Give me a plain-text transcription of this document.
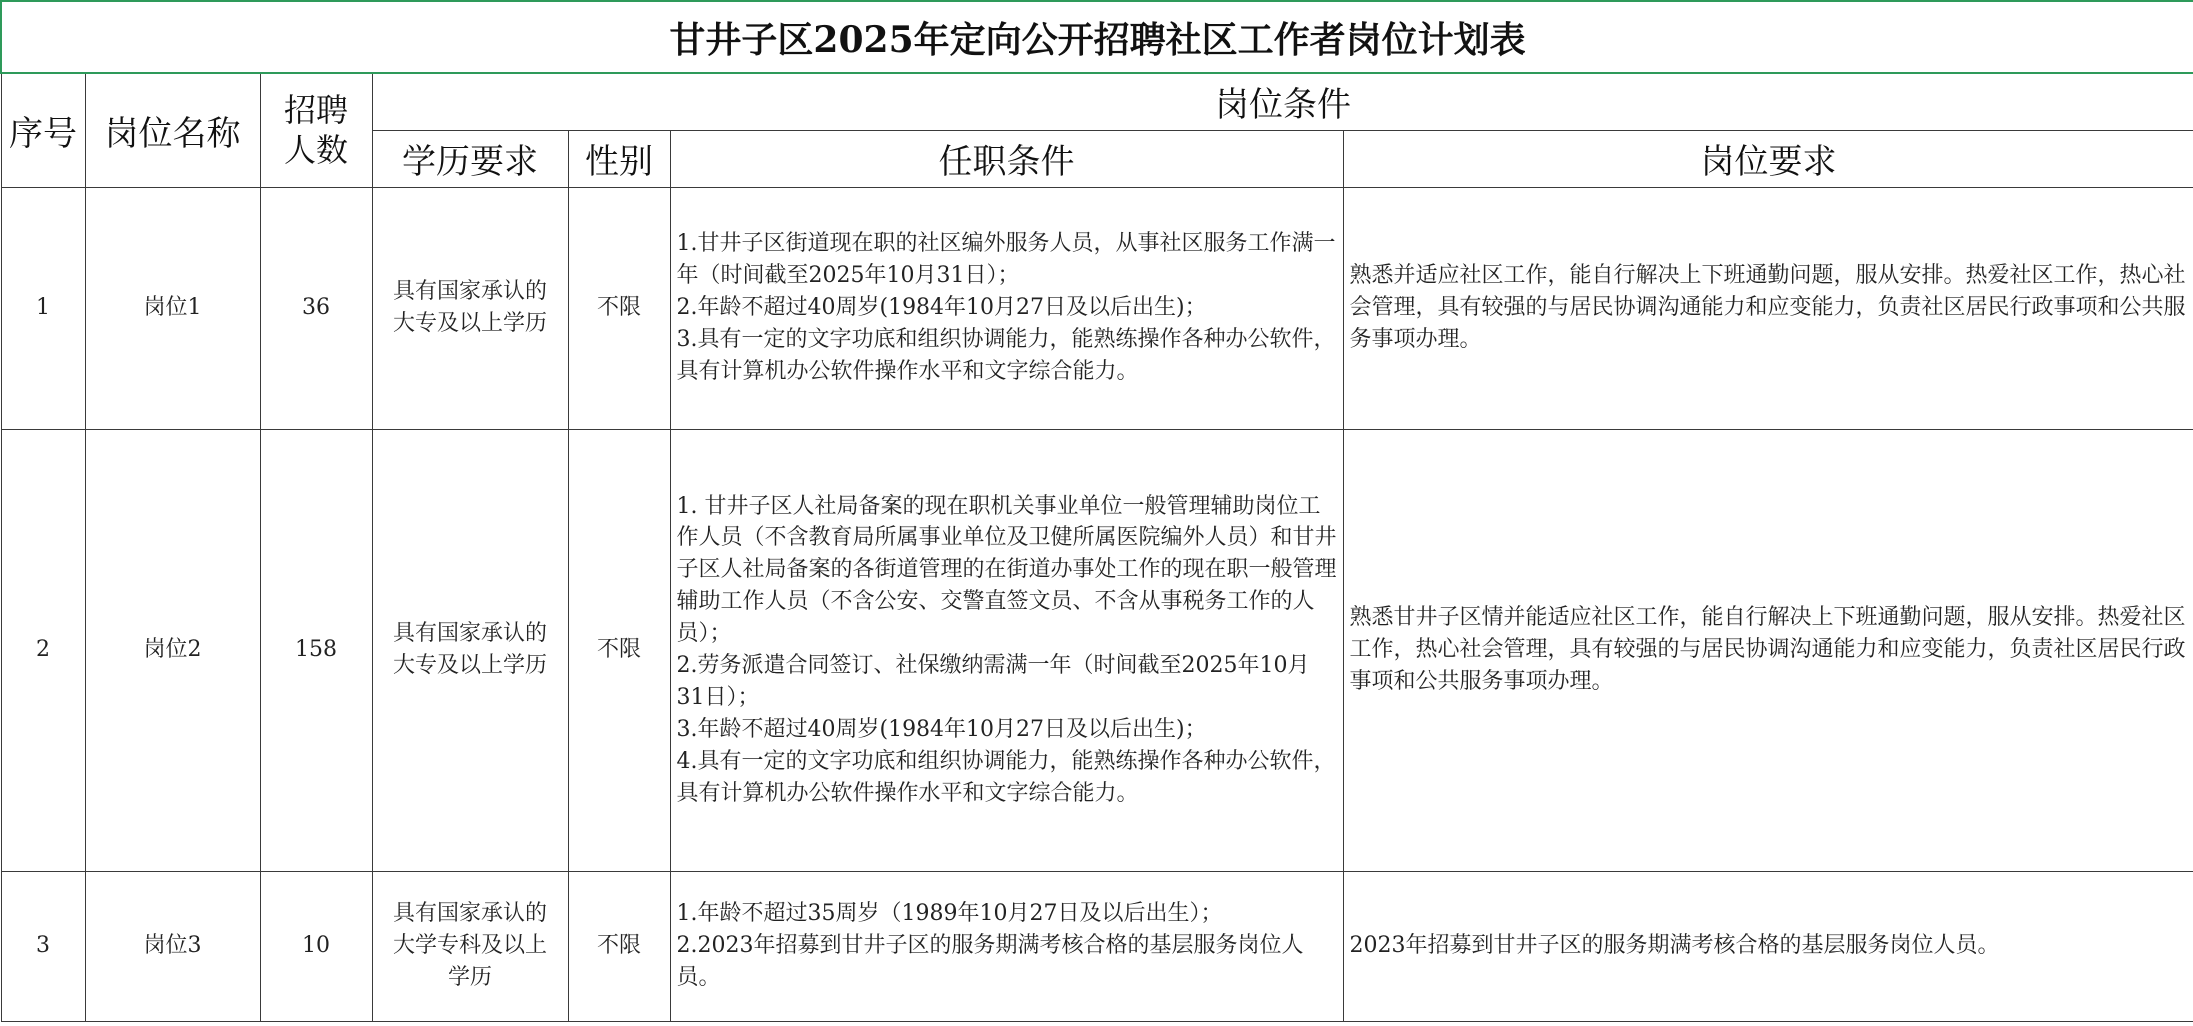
甘井子区2025年定向公开招聘社区工作者岗位计划表						
序号	岗位名称	招聘
人数	岗位条件			
			学历要求	性别	任职条件	岗位要求
1	岗位1	36	具有国家承认的大专及以上学历	不限	1.甘井子区街道现在职的社区编外服务人员，从事社区服务工作满一年（时间截至2025年10月31日）；
2.年龄不超过40周岁(1984年10月27日及以后出生)；
3.具有一定的文字功底和组织协调能力，能熟练操作各种办公软件，具有计算机办公软件操作水平和文字综合能力。	熟悉并适应社区工作，能自行解决上下班通勤问题，服从安排。热爱社区工作，热心社会管理，具有较强的与居民协调沟通能力和应变能力，负责社区居民行政事项和公共服务事项办理。
2	岗位2	158	具有国家承认的大专及以上学历	不限	1. 甘井子区人社局备案的现在职机关事业单位一般管理辅助岗位工作人员（不含教育局所属事业单位及卫健所属医院编外人员）和甘井子区人社局备案的各街道管理的在街道办事处工作的现在职一般管理辅助工作人员（不含公安、交警直签文员、不含从事税务工作的人员）；
2.劳务派遣合同签订、社保缴纳需满一年（时间截至2025年10月31日）；
3.年龄不超过40周岁(1984年10月27日及以后出生)；
4.具有一定的文字功底和组织协调能力，能熟练操作各种办公软件，具有计算机办公软件操作水平和文字综合能力。	熟悉甘井子区情并能适应社区工作，能自行解决上下班通勤问题，服从安排。热爱社区工作，热心社会管理，具有较强的与居民协调沟通能力和应变能力，负责社区居民行政事项和公共服务事项办理。
3	岗位3	10	具有国家承认的大学专科及以上学历	不限	1.年龄不超过35周岁（1989年10月27日及以后出生）；
2.2023年招募到甘井子区的服务期满考核合格的基层服务岗位人员。	2023年招募到甘井子区的服务期满考核合格的基层服务岗位人员。
